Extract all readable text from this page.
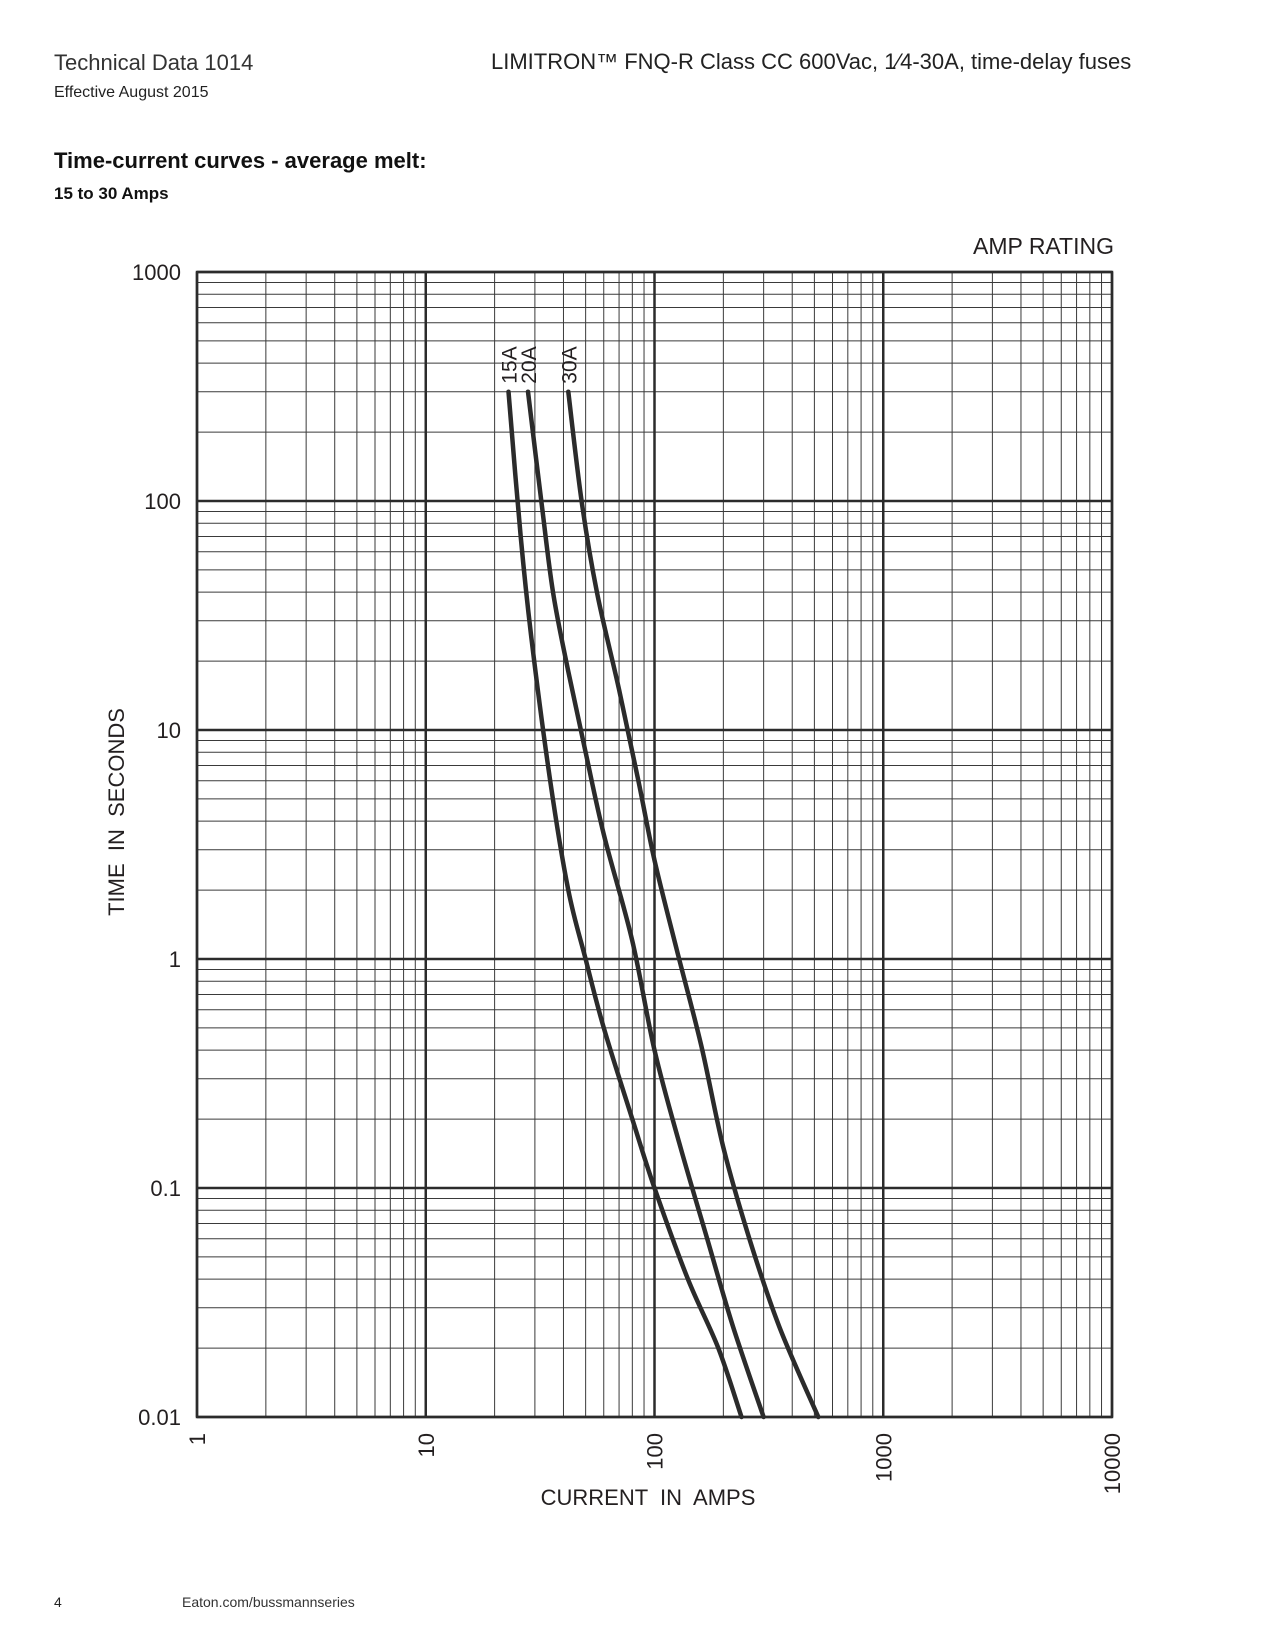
Technical Data 1014
Effective August 2015
LIMITRON™ FNQ-R Class CC 600Vac, 1⁄4-30A, time-delay fuses
Time-current curves - average melt:
15 to 30 Amps
1000
100
10
1
0.1
0.01
1	10	100	1000	10000
15A
20A 30A
AMP RATING
CURRENT  IN  AMPS
TIME  IN  SECONDS
4	Eaton.com/bussmannseries
